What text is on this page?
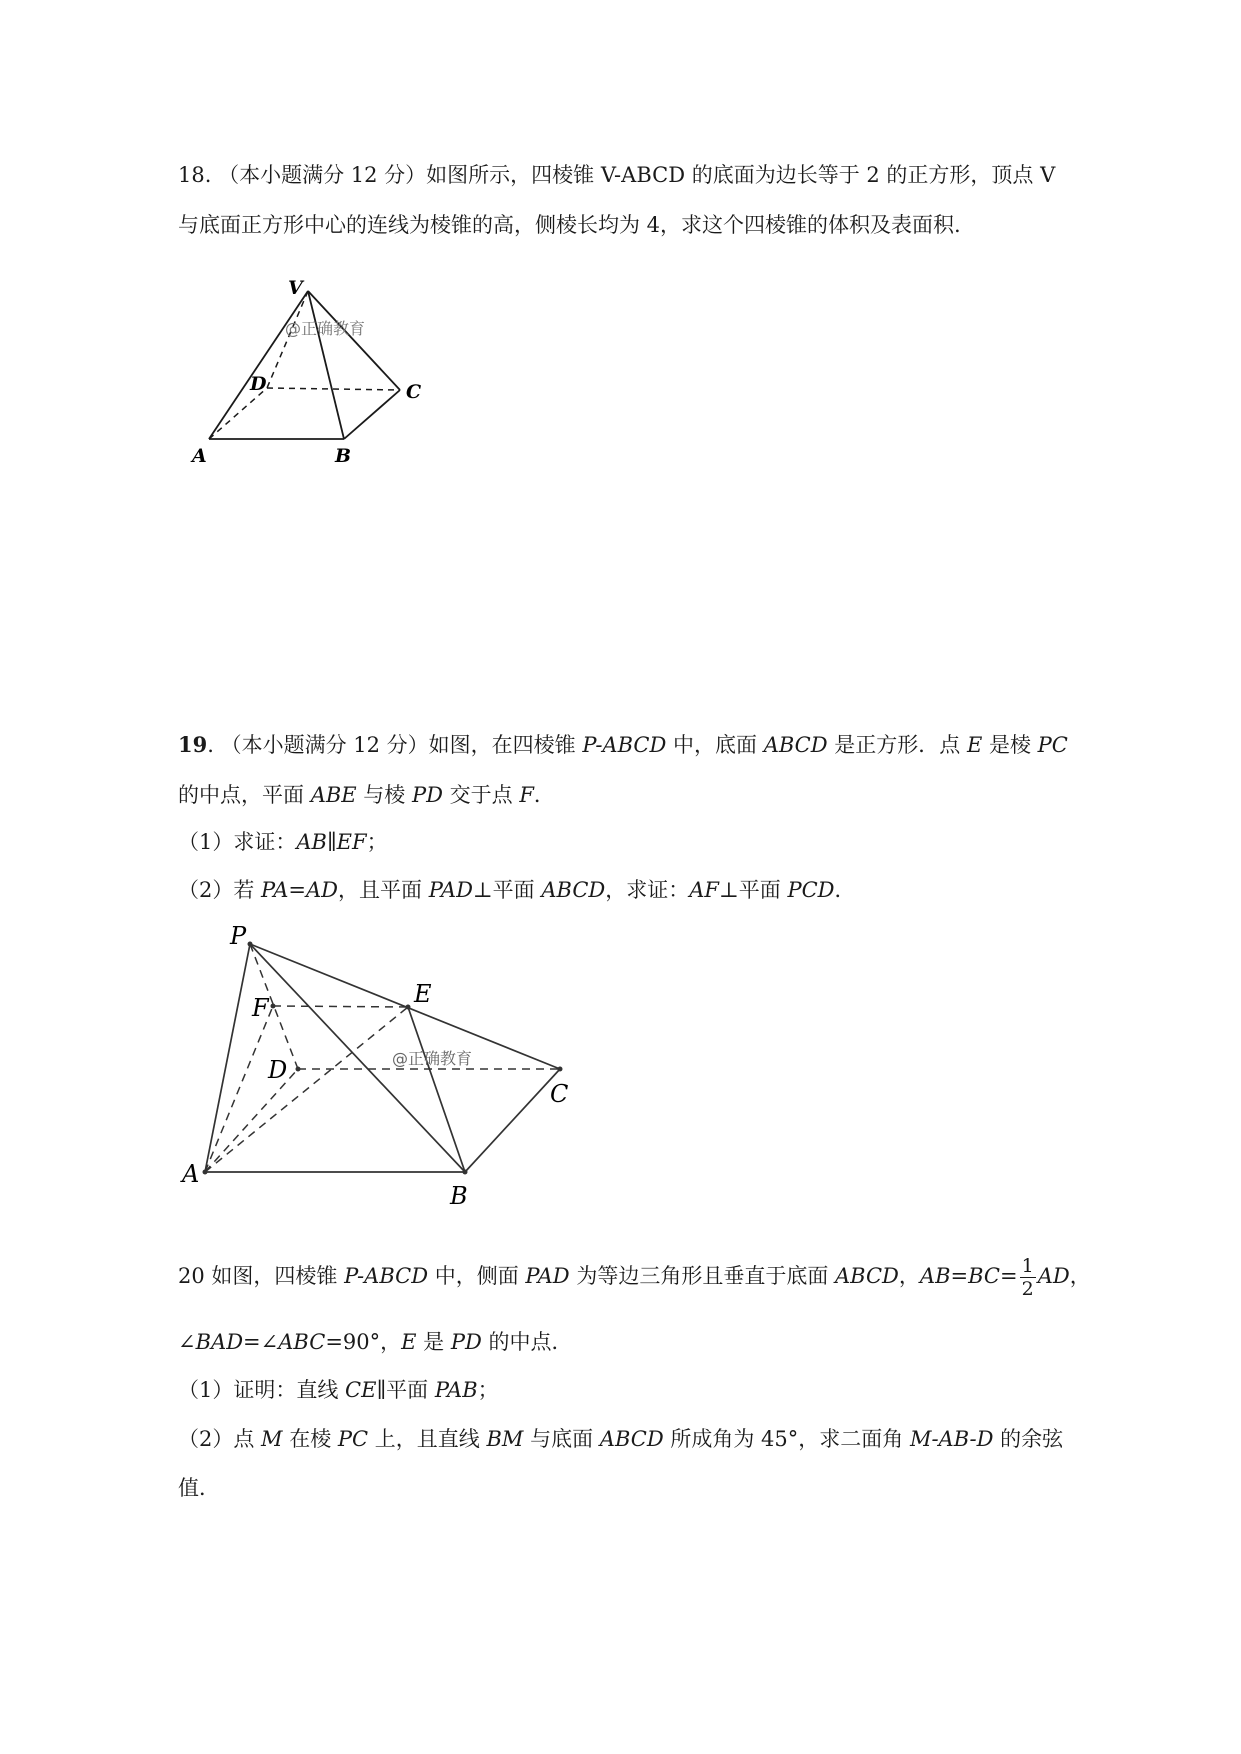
18. （本小题满分 12 分）如图所示，四棱锥 V-ABCD 的底面为边长等于 2 的正方形，顶点 V
与底面正方形中心的连线为棱锥的高，侧棱长均为 4，求这个四棱锥的体积及表面积.
V
D	C
A	B
@正确教育
19. （本小题满分 12 分）如图，在四棱锥 P-ABCD 中，底面 ABCD 是正方形．点 E 是棱 PC
的中点，平面 ABE 与棱 PD 交于点 F．
（1）求证：AB∥EF；
（2）若 PA=AD，且平面 PAD⊥平面 ABCD，求证：AF⊥平面 PCD．
P
F	E
D
C
A
B
@正确教育
20 如图，四棱锥 P-ABCD 中，侧面 PAD 为等边三角形且垂直于底面 ABCD，$AB=BC= \frac{1}{2}$ AD，
∠BAD=∠ABC=90°，E 是 PD 的中点．
（1）证明：直线 CE∥平面 PAB；
（2）点 M 在棱 PC 上，且直线 BM 与底面 ABCD 所成角为 45°，求二面角 M-AB-D 的余弦
值．
